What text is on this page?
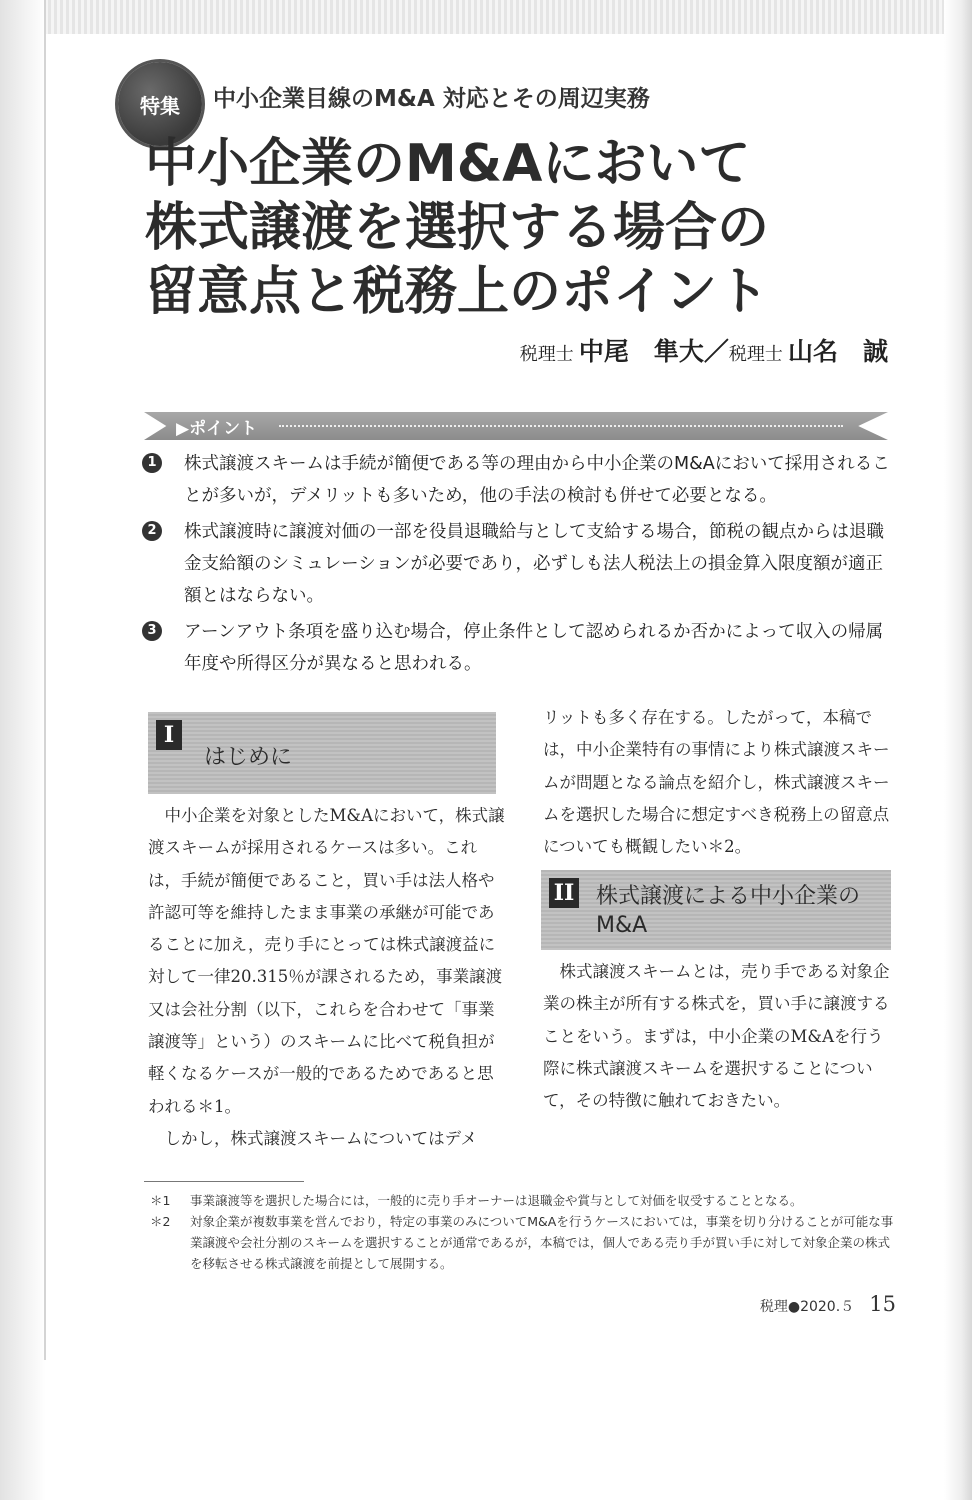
特集	中小企業目線のM&A 対応とその周辺実務
中小企業のM&Aにおいて
株式譲渡を選択する場合の
留意点と税務上のポイント
税理士 中尾　隼大／税理士 山名　誠
▶ポイント
1	株式譲渡スキームは手続が簡便である等の理由から中小企業のM&Aにおいて採用されることが多いが，デメリットも多いため，他の手法の検討も併せて必要となる。
2	株式譲渡時に譲渡対価の一部を役員退職給与として支給する場合，節税の観点からは退職金支給額のシミュレーションが必要であり，必ずしも法人税法上の損金算入限度額が適正額とはならない。
3	アーンアウト条項を盛り込む場合，停止条件として認められるか否かによって収入の帰属年度や所得区分が異なると思われる。
I
はじめに

中小企業を対象としたM&Aにおいて，株式譲渡スキームが採用されるケースは多い。これは，手続が簡便であること，買い手は法人格や許認可等を維持したまま事業の承継が可能であることに加え，売り手にとっては株式譲渡益に対して一律20.315％が課されるため，事業譲渡又は会社分割（以下，これらを合わせて「事業譲渡等」という）のスキームに比べて税負担が軽くなるケースが一般的であるためであると思われる＊1。

しかし，株式譲渡スキームについてはデメ

リットも多く存在する。したがって，本稿では，中小企業特有の事情により株式譲渡スキームが問題となる論点を紹介し，株式譲渡スキームを選択した場合に想定すべき税務上の留意点についても概観したい＊2。

II 株式譲渡による中小企業の
M&A

株式譲渡スキームとは，売り手である対象企業の株主が所有する株式を，買い手に譲渡することをいう。まずは，中小企業のM&Aを行う際に株式譲渡スキームを選択することについて，その特徴に触れておきたい。

＊1 事業譲渡等を選択した場合には，一般的に売り手オーナーは退職金や賞与として対価を収受することとなる。
＊2 対象企業が複数事業を営んでおり，特定の事業のみについてM&Aを行うケースにおいては，事業を切り分けることが可能な事業譲渡や会社分割のスキームを選択することが通常であるが，本稿では，個人である売り手が買い手に対して対象企業の株式を移転させる株式譲渡を前提として展開する。
税理●2020.５ 15
